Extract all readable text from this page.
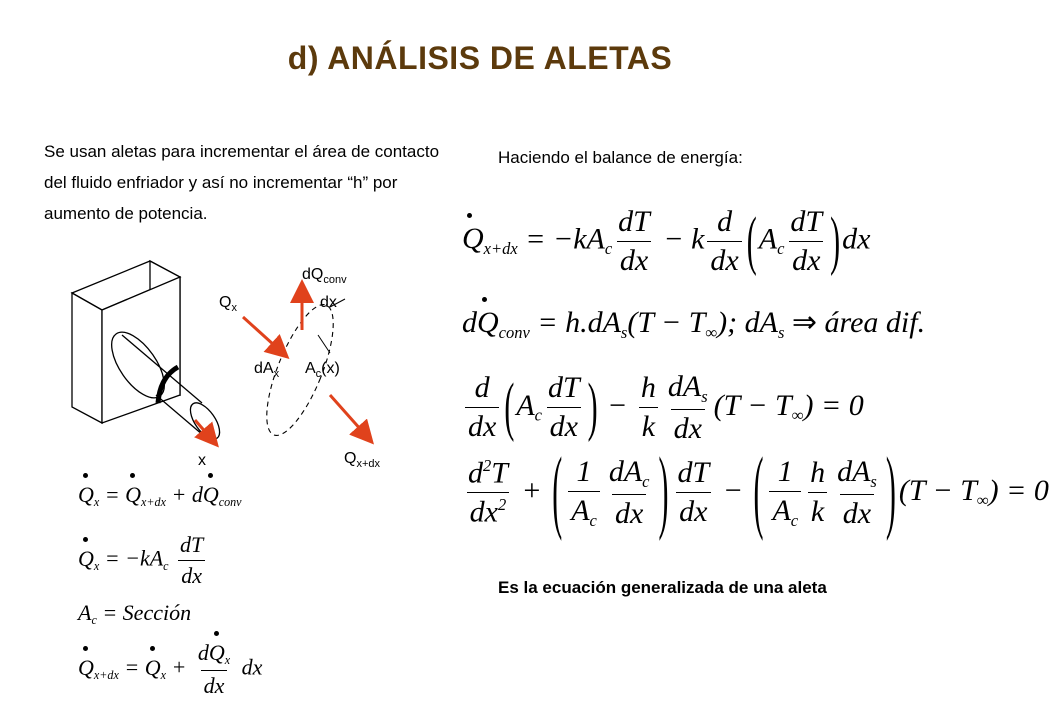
d) ANÁLISIS DE ALETAS
Se usan aletas para incrementar el área de contacto del fluido enfriador y así no incrementar “h” por aumento de potencia.
Haciendo el balance de energía:
Es la ecuación generalizada de una aleta
$dQ_{conv}$
dx
$Q_x$
$dA_x$ $A_c(x)$
$Q_{x+dx}$
x
$Q_x = Q_{x+dx} + dQ_{conv}$
$Q_x = -kA_c \frac{dT}{dx}$
$A_c$ = Sección
$Q_{x+dx} = Q_x + \frac{dQ_x}{dx}$ dx
$Q_{x+dx} = -kA_c \frac{dT}{dx} - k \frac{d}{dx} (A_c \frac{dT}{dx} )dx$
$dQ_{conv} = h.dA_s(T - T_\infty)$; $dA_s$ ⇒ área dif.
$\frac{d}{dx} (A_c \frac{dT}{dx}$ ) − $\frac{h}{k} \frac{dA_s}{dx} (T - T_\infty) = 0$
$\frac{d^2T}{dx^2}$ + ( $\frac{1}{A_c} \frac{dA_c}{dx}$ ) $\frac{dT}{dx}$ − ( $\frac{1}{A_c} \frac{h}{k} \frac{dA_s}{dx}$ ) $(T - T_\infty) = 0$
